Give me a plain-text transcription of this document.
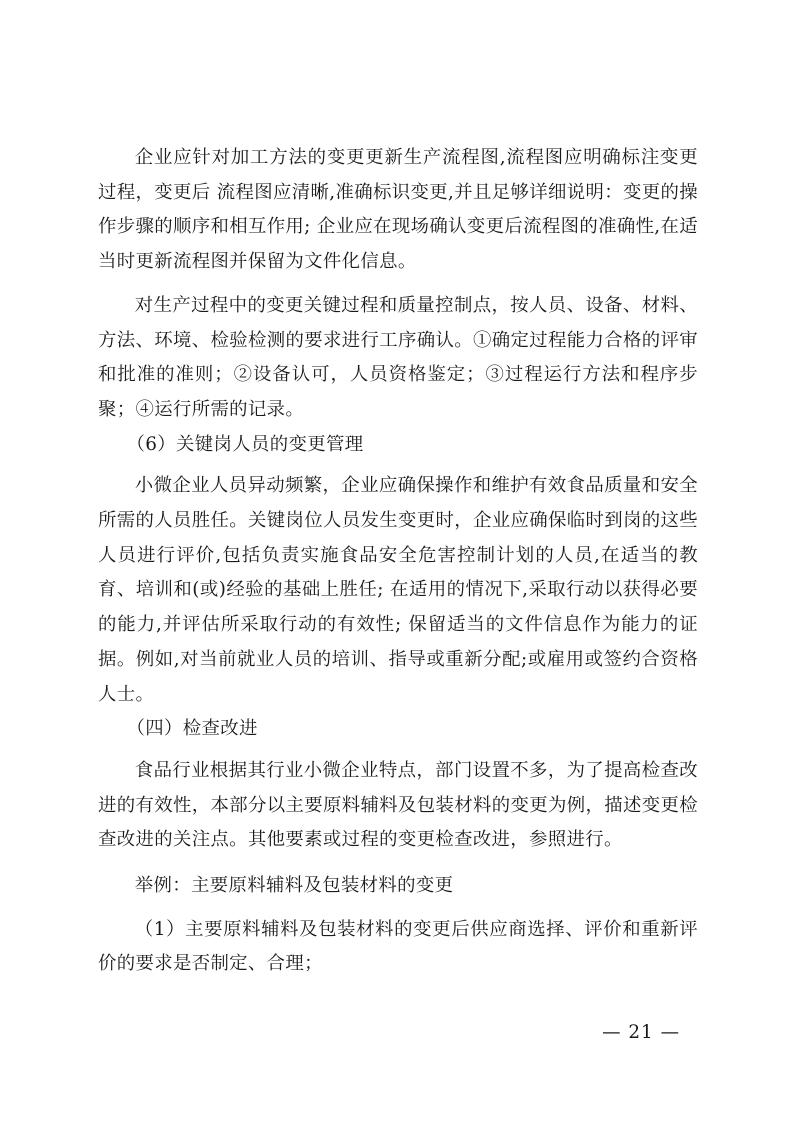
企业应针对加工方法的变更更新生产流程图,流程图应明确标注变更过程，变更后 流程图应清晰,准确标识变更,并且足够详细说明：变更的操作步骤的顺序和相互作用; 企业应在现场确认变更后流程图的准确性,在适当时更新流程图并保留为文件化信息。

对生产过程中的变更关键过程和质量控制点，按人员、设备、材料、方法、环境、检验检测的要求进行工序确认。①确定过程能力合格的评审和批准的准则；②设备认可，人员资格鉴定；③过程运行方法和程序步聚；④运行所需的记录。

（6）关键岗人员的变更管理

小微企业人员异动频繁，企业应确保操作和维护有效食品质量和安全所需的人员胜任。关键岗位人员发生变更时，企业应确保临时到岗的这些人员进行评价,包括负责实施食品安全危害控制计划的人员,在适当的教育、培训和(或)经验的基础上胜任; 在适用的情况下,采取行动以获得必要的能力,并评估所采取行动的有效性; 保留适当的文件信息作为能力的证据。例如,对当前就业人员的培训、指导或重新分配;或雇用或签约合资格人士。

（四）检查改进

食品行业根据其行业小微企业特点，部门设置不多，为了提高检查改进的有效性，本部分以主要原料辅料及包装材料的变更为例，描述变更检查改进的关注点。其他要素或过程的变更检查改进，参照进行。

举例：主要原料辅料及包装材料的变更

（1）主要原料辅料及包装材料的变更后供应商选择、评价和重新评价的要求是否制定、合理；

— 21 —
